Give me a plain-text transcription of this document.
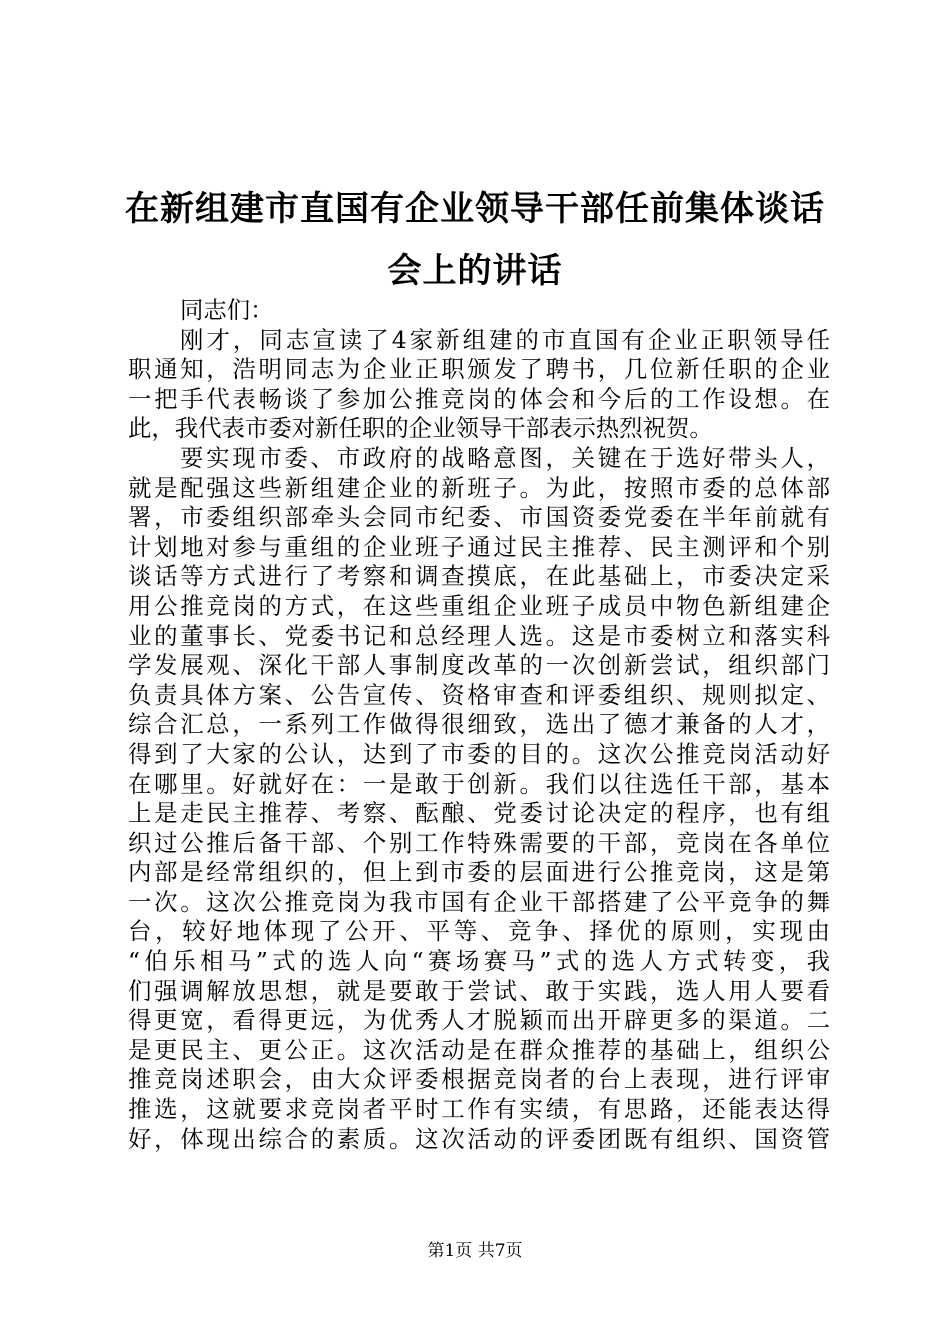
在新组建市直国有企业领导干部任前集体谈话
会上的讲话
同志们：
刚才，同志宣读了4家新组建的市直国有企业正职领导任
职通知，浩明同志为企业正职颁发了聘书，几位新任职的企业
一把手代表畅谈了参加公推竞岗的体会和今后的工作设想。在
此，我代表市委对新任职的企业领导干部表示热烈祝贺。
要实现市委、市政府的战略意图，关键在于选好带头人，
就是配强这些新组建企业的新班子。为此，按照市委的总体部
署，市委组织部牵头会同市纪委、市国资委党委在半年前就有
计划地对参与重组的企业班子通过民主推荐、民主测评和个别
谈话等方式进行了考察和调查摸底，在此基础上，市委决定采
用公推竞岗的方式，在这些重组企业班子成员中物色新组建企
业的董事长、党委书记和总经理人选。这是市委树立和落实科
学发展观、深化干部人事制度改革的一次创新尝试，组织部门
负责具体方案、公告宣传、资格审查和评委组织、规则拟定、
综合汇总，一系列工作做得很细致，选出了德才兼备的人才，
得到了大家的公认，达到了市委的目的。这次公推竞岗活动好
在哪里。好就好在：一是敢于创新。我们以往选任干部，基本
上是走民主推荐、考察、酝酿、党委讨论决定的程序，也有组
织过公推后备干部、个别工作特殊需要的干部，竞岗在各单位
内部是经常组织的，但上到市委的层面进行公推竞岗，这是第
一次。这次公推竞岗为我市国有企业干部搭建了公平竞争的舞
台，较好地体现了公开、平等、竞争、择优的原则，实现由
“伯乐相马”式的选人向“赛场赛马”式的选人方式转变，我
们强调解放思想，就是要敢于尝试、敢于实践，选人用人要看
得更宽，看得更远，为优秀人才脱颖而出开辟更多的渠道。二
是更民主、更公正。这次活动是在群众推荐的基础上，组织公
推竞岗述职会，由大众评委根据竞岗者的台上表现，进行评审
推选，这就要求竞岗者平时工作有实绩，有思路，还能表达得
好，体现出综合的素质。这次活动的评委团既有组织、国资管
第1页 共7页
